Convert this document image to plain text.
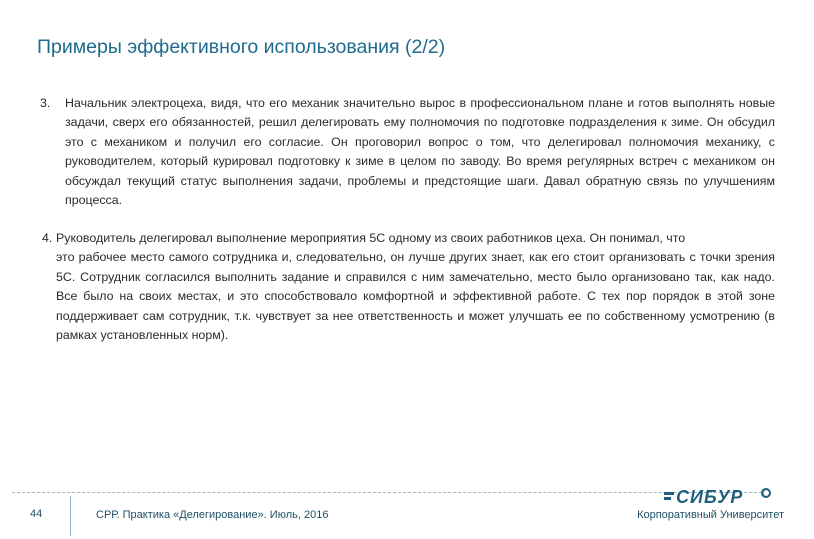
Примеры эффективного использования (2/2)
3. Начальник электроцеха, видя, что его механик значительно вырос в профессиональном плане и готов выполнять новые задачи, сверх его обязанностей, решил делегировать ему полномочия по подготовке подразделения к зиме. Он обсудил это с механиком и получил его согласие. Он проговорил вопрос о том, что делегировал полномочия механику, с руководителем, который курировал подготовку к зиме в целом по заводу. Во время регулярных встреч с механиком он обсуждал текущий статус выполнения задачи, проблемы и предстоящие шаги. Давал обратную связь по улучшениям процесса.
4. Руководитель делегировал выполнение мероприятия 5С одному из своих работников цеха. Он понимал, что
это рабочее место самого сотрудника и, следовательно, он лучше других знает, как его стоит организовать с точки зрения 5С. Сотрудник согласился выполнить задание и справился с ним замечательно, место было организовано так, как надо. Все было на своих местах, и это способствовало комфортной и эффективной работе. С тех пор порядок в этой зоне поддерживает сам сотрудник, т.к. чувствует за нее ответственность и может улучшать ее по собственному усмотрению (в рамках установленных норм).
44	СРР. Практика «Делегирование». Июль, 2016
СИБУР
Корпоративный Университет
